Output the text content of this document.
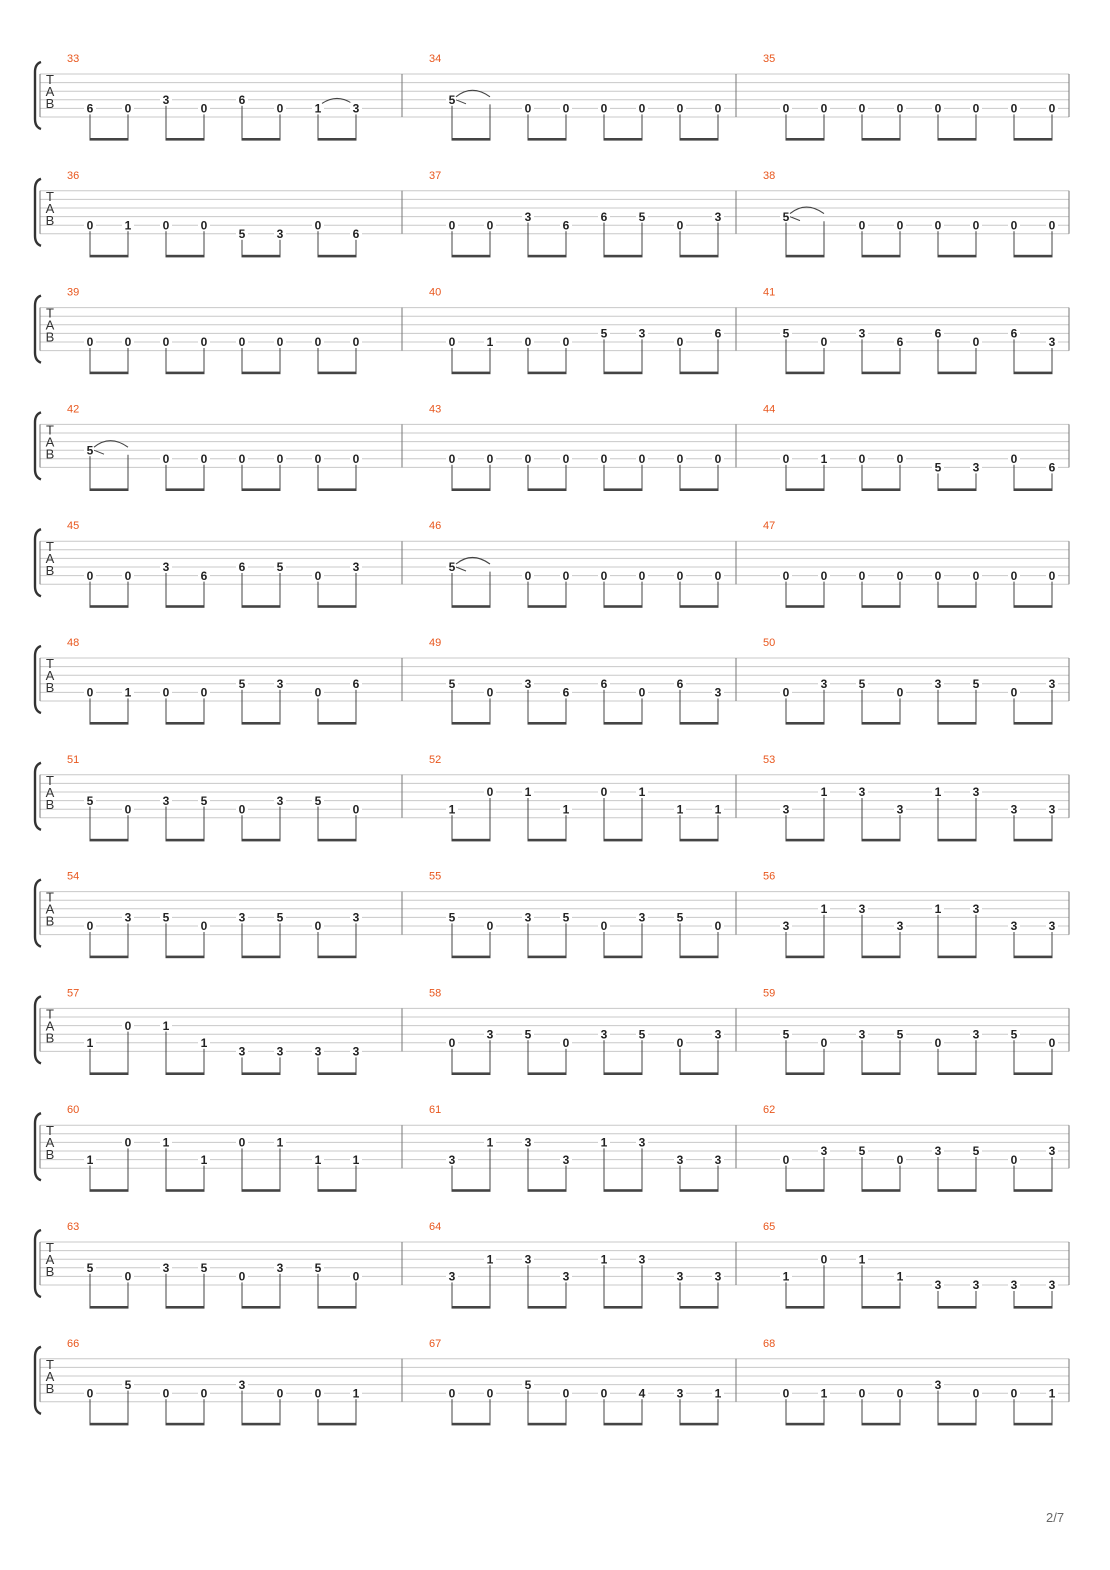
T
A
B
33
6	0
3
0
6
0	1	3
34
5
0	0	0	0	0	0
35
0	0	0	0	0	0	0	0
T
A
B
36
0	1	0	0
5	3
0
6
37
0	0
3
6
6	5
0
3
38
5
0	0	0	0	0	0
T
A
B
39
0	0	0	0	0	0	0	0
40
0	1	0	0
5	3
0
6
41
5
0
3
6
6
0
6
3
T
A
B
42
5
0	0	0	0	0	0
43
0	0	0	0	0	0	0	0
44
0	1	0	0
5	3
0
6
T
A
B
45
0	0
3
6
6	5
0
3
46
5
0	0	0	0	0	0
47
0	0	0	0	0	0	0	0
T
A
B
48
0	1	0	0
5	3
0
6
49
5
0
3
6
6
0
6
3
50
0
3	5
0
3	5
0
3
T
A
B
51
5
0
3	5
0
3	5
0
52
1
0	1
1
0	1
1	1
53
3
1	3
3
1	3
3	3
T
A
B
54
0
3	5
0
3	5
0
3
55
5
0
3	5
0
3	5
0
56
3
1	3
3
1	3
3	3
T
A
B
57
1
0	1
1
3	3	3	3
58
0
3	5
0
3	5
0
3
59
5
0
3	5
0
3	5
0
T
A
B
60
1
0	1
1
0	1
1	1
61
3
1	3
3
1	3
3	3
62
0
3	5
0
3	5
0
3
T
A
B
63
5
0
3	5
0
3	5
0
64
3
1	3
3
1	3
3	3
65
1
0	1
1
3	3	3	3
T
A
B
66
0
5
0	0
3
0	0	1
67
0	0
5
0	0	4	3	1
68
0	1	0	0
3
0	0	1
2/7
